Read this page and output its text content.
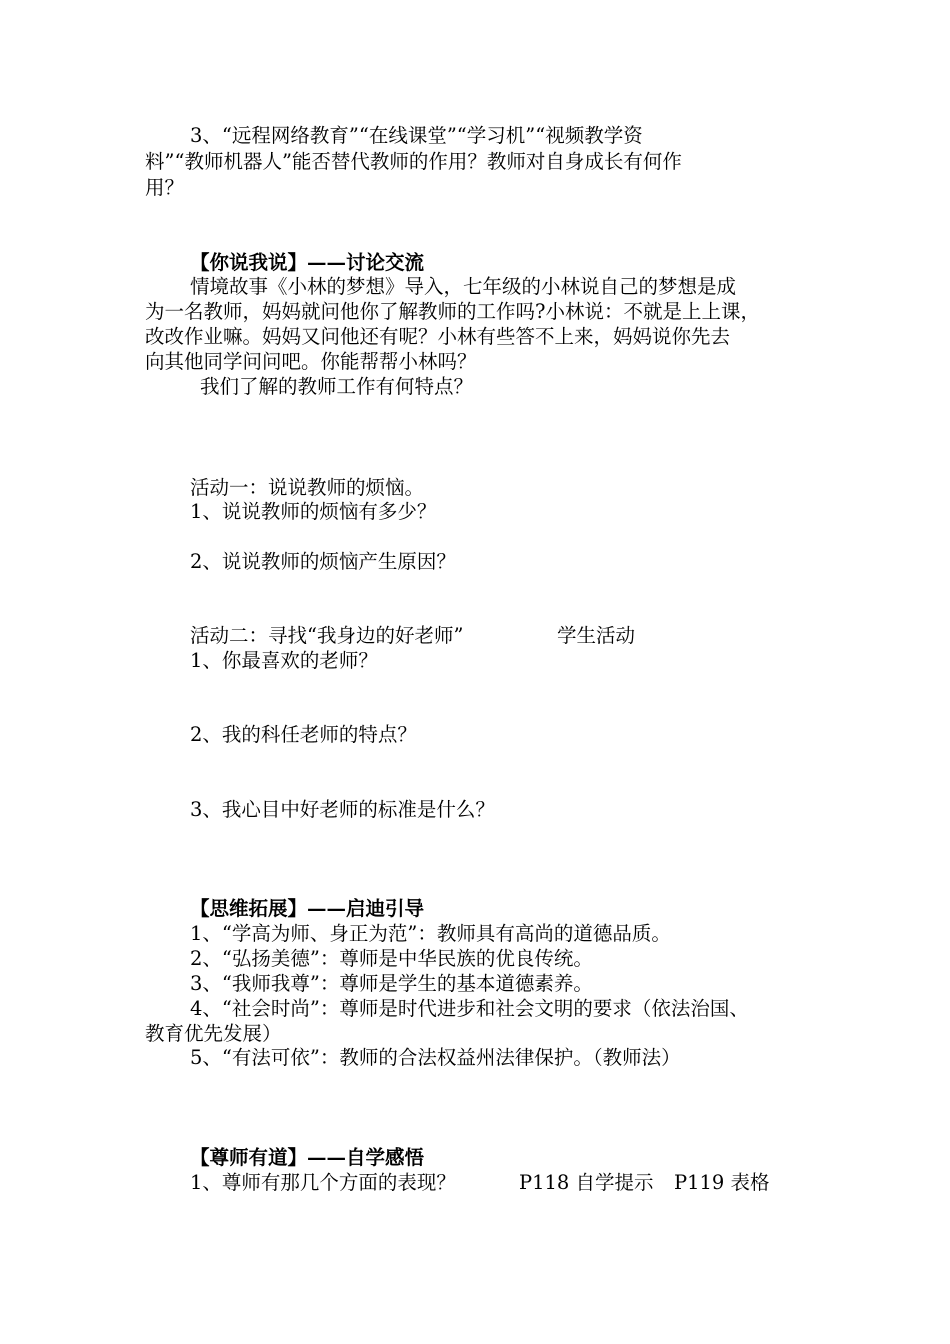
3、“远程网络教育”“在线课堂”“学习机”“视频教学资
料”“教师机器人”能否替代教师的作用？教师对自身成长有何作
用？
【你说我说】——讨论交流
情境故事《小林的梦想》导入，七年级的小林说自己的梦想是成
为一名教师，妈妈就问他你了解教师的工作吗?小林说：不就是上上课，
改改作业嘛。妈妈又问他还有呢？小林有些答不上来，妈妈说你先去
向其他同学问问吧。你能帮帮小林吗？
我们了解的教师工作有何特点？
活动一：说说教师的烦恼。
1、说说教师的烦恼有多少？
2、说说教师的烦恼产生原因？
活动二：寻找“我身边的好老师”	学生活动
1、你最喜欢的老师？
2、我的科任老师的特点？
3、我心目中好老师的标准是什么？
【思维拓展】——启迪引导
1、“学高为师、身正为范”：教师具有高尚的道德品质。
2、“弘扬美德”：尊师是中华民族的优良传统。
3、“我师我尊”：尊师是学生的基本道德素养。
4、“社会时尚”：尊师是时代进步和社会文明的要求（依法治国、
教育优先发展）
5、“有法可依”：教师的合法权益州法律保护。（教师法）
【尊师有道】——自学感悟
1、尊师有那几个方面的表现？	P118 自学提示 P119 表格
